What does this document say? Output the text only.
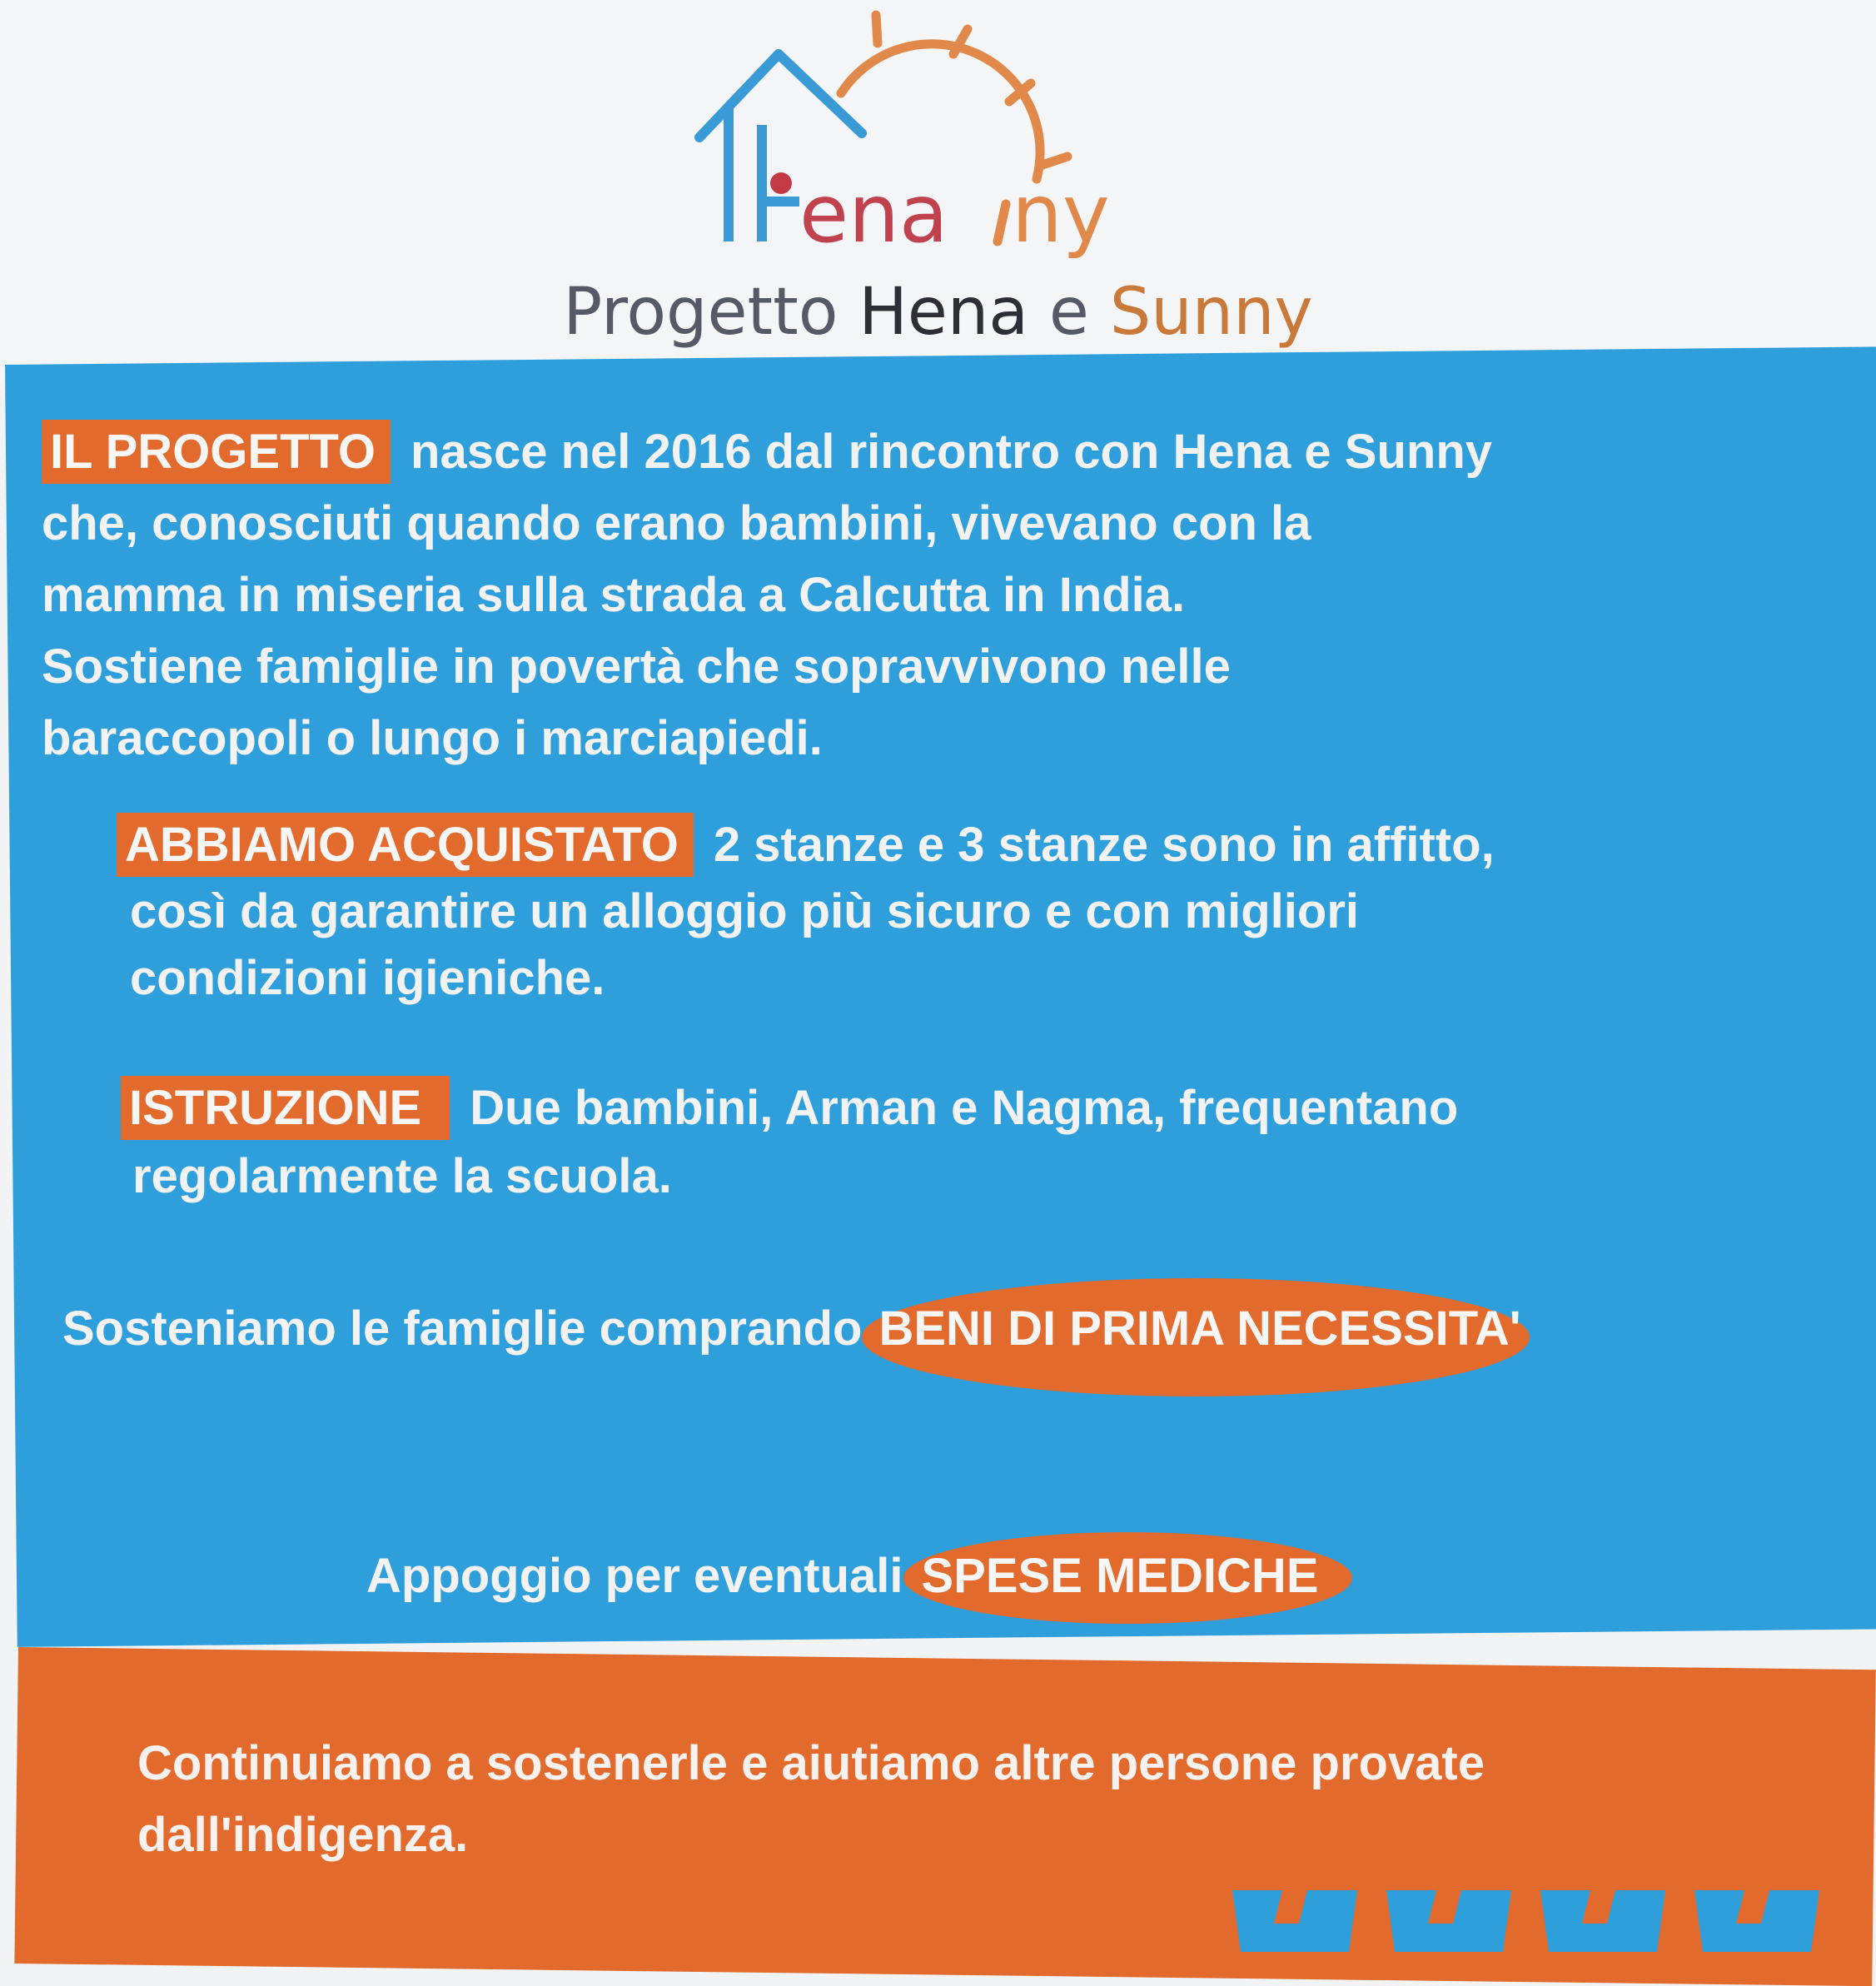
ena ny
Progetto Hena e Sunny
IL PROGETTO nasce nel 2016 dal rincontro con Hena e Sunny
che, conosciuti quando erano bambini, vivevano con la
mamma in miseria sulla strada a Calcutta in India.
Sostiene famiglie in povertà che sopravvivono nelle
baraccopoli o lungo i marciapiedi.
ABBIAMO ACQUISTATO 2 stanze e 3 stanze sono in affitto,
così da garantire un alloggio più sicuro e con migliori
condizioni igieniche.
ISTRUZIONE Due bambini, Arman e Nagma, frequentano
regolarmente la scuola.
Sosteniamo le famiglie comprando BENI DI PRIMA NECESSITA'
Appoggio per eventuali SPESE MEDICHE
Continuiamo a sostenerle e aiutiamo altre persone provate
dall'indigenza.
